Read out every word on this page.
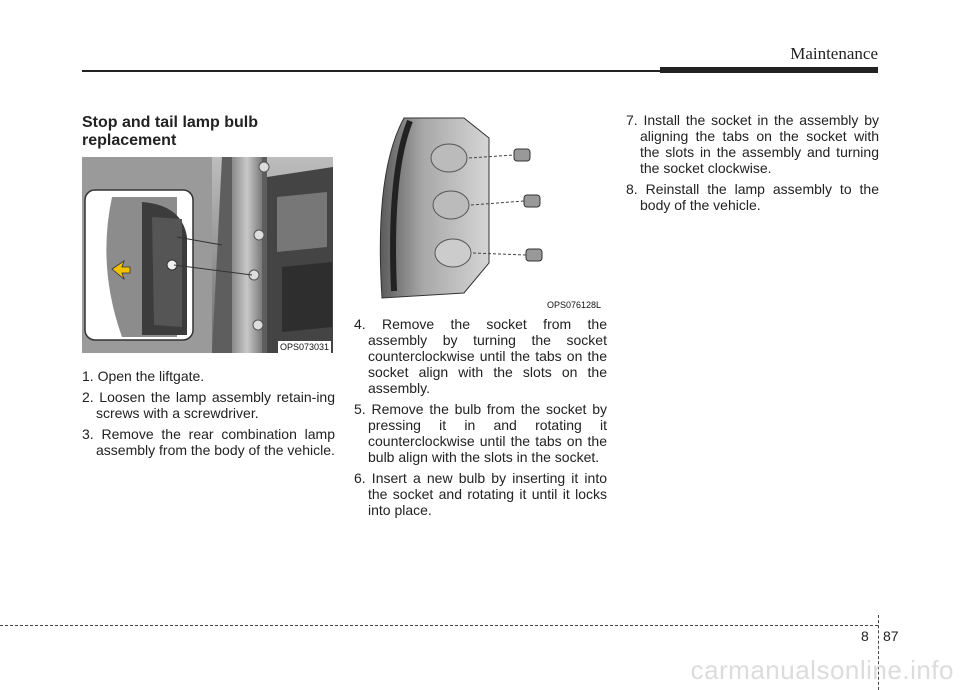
Maintenance
Stop and tail lamp bulb replacement
OPS073031
OPS076128L
1. Open the liftgate.
2. Loosen the lamp assembly retain-ing screws with a screwdriver.
3. Remove the rear combination lamp assembly from the body of the vehicle.
4. Remove the socket from the assembly by turning the socket counterclockwise until the tabs on the socket align with the slots on the assembly.
5. Remove the bulb from the socket by pressing it in and rotating it counterclockwise until the tabs on the bulb align with the slots in the socket.
6. Insert a new bulb by inserting it into the socket and rotating it until it locks into place.
7. Install the socket in the assembly by aligning the tabs on the socket with the slots in the assembly and turning the socket clockwise.
8. Reinstall the lamp assembly to the body of the vehicle.
8 87
carmanualsonline.info
